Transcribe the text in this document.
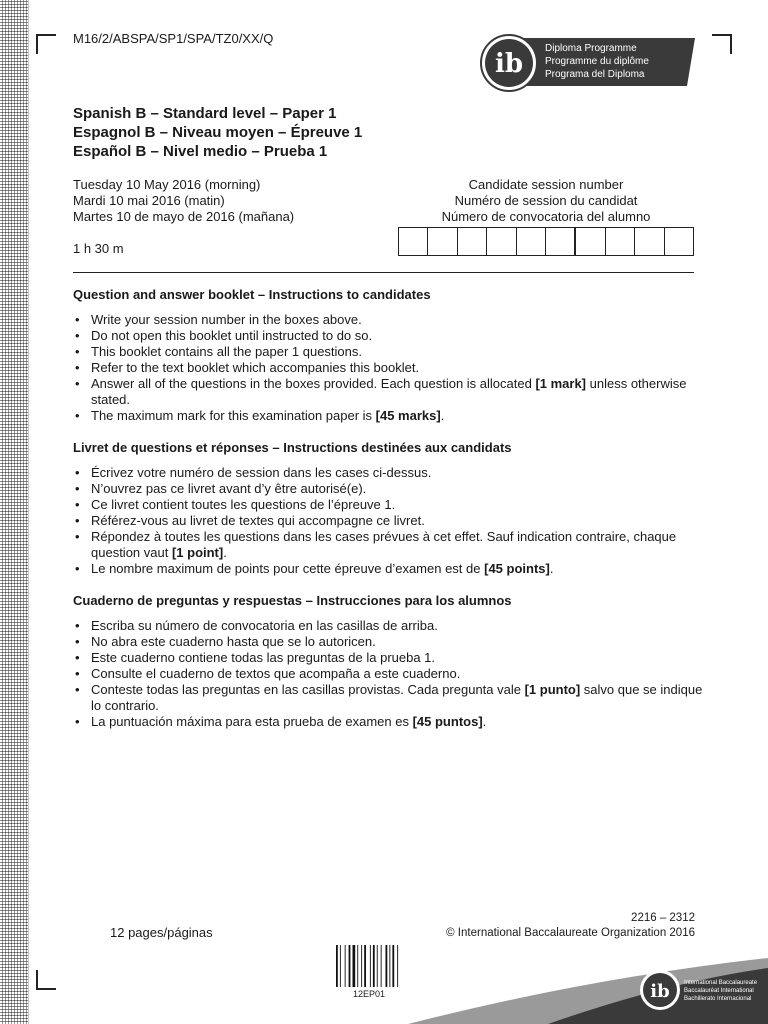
M16/2/ABSPA/SP1/SPA/TZ0/XX/Q
ib
Diploma Programme
Programme du diplôme
Programa del Diploma
Spanish B – Standard level – Paper 1
Espagnol B – Niveau moyen – Épreuve 1
Español B – Nivel medio – Prueba 1
Tuesday 10 May 2016 (morning)
Mardi 10 mai 2016 (matin)
Martes 10 de mayo de 2016 (mañana)
1 h 30 m
Candidate session number
Numéro de session du candidat
Número de convocatoria del alumno
Question and answer booklet – Instructions to candidates
• Write your session number in the boxes above.
• Do not open this booklet until instructed to do so.
• This booklet contains all the paper 1 questions.
• Refer to the text booklet which accompanies this booklet.
• Answer all of the questions in the boxes provided. Each question is allocated [1 mark] unless otherwise stated.
• The maximum mark for this examination paper is [45 marks].
Livret de questions et réponses – Instructions destinées aux candidats
• Écrivez votre numéro de session dans les cases ci-dessus.
• N’ouvrez pas ce livret avant d’y être autorisé(e).
• Ce livret contient toutes les questions de l’épreuve 1.
• Référez-vous au livret de textes qui accompagne ce livret.
• Répondez à toutes les questions dans les cases prévues à cet effet. Sauf indication contraire, chaque question vaut [1 point].
• Le nombre maximum de points pour cette épreuve d’examen est de [45 points].
Cuaderno de preguntas y respuestas – Instrucciones para los alumnos
• Escriba su número de convocatoria en las casillas de arriba.
• No abra este cuaderno hasta que se lo autoricen.
• Este cuaderno contiene todas las preguntas de la prueba 1.
• Consulte el cuaderno de textos que acompaña a este cuaderno.
• Conteste todas las preguntas en las casillas provistas. Cada pregunta vale [1 punto] salvo que se indique lo contrario.
• La puntuación máxima para esta prueba de examen es [45 puntos].
12 pages/páginas
2216 – 2312
© International Baccalaureate Organization 2016
12EP01	ib International Baccalaureate
Baccalauréat International
Bachillerato Internacional
